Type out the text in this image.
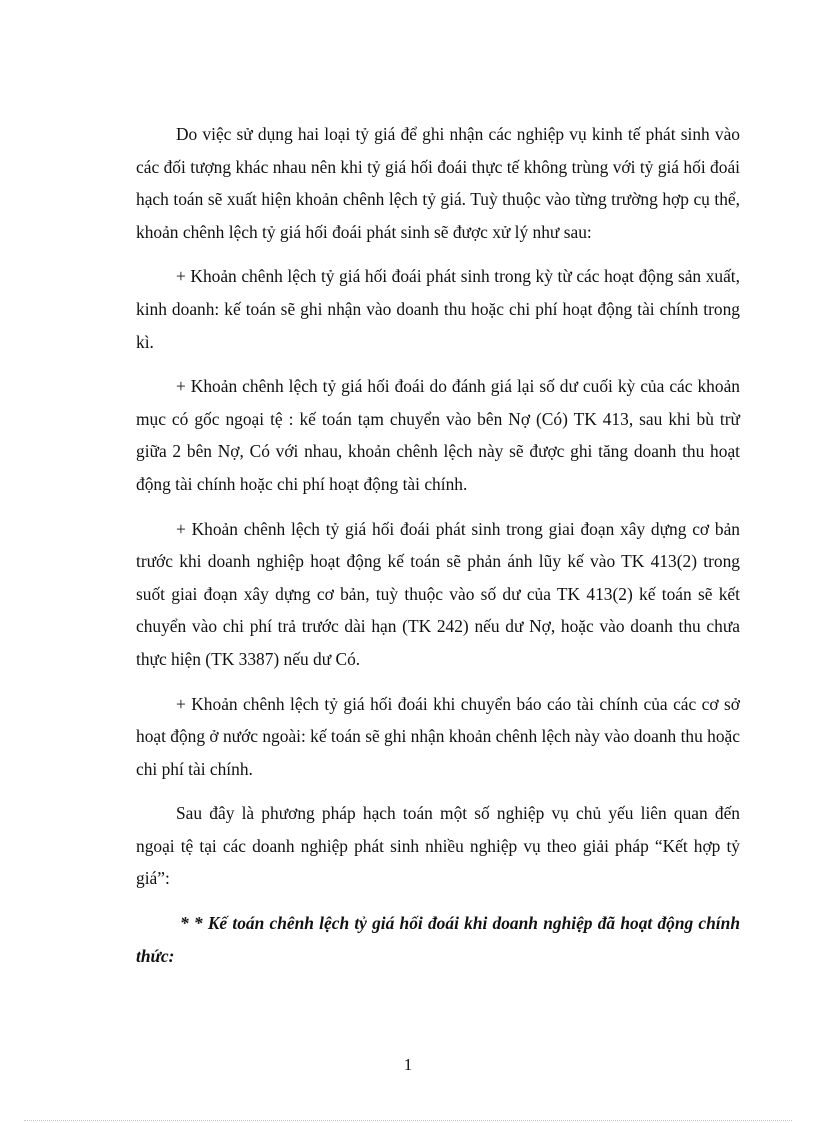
Do việc sử dụng hai loại tỷ giá để ghi nhận các nghiệp vụ kinh tế phát sinh vào các đối tượng khác nhau nên khi tỷ giá hối đoái thực tế không trùng với tỷ giá hối đoái hạch toán sẽ xuất hiện khoản chênh lệch tỷ giá. Tuỳ thuộc vào từng trường hợp cụ thể, khoản chênh lệch tỷ giá hối đoái phát sinh sẽ được xử lý như sau:

+ Khoản chênh lệch tỷ giá hối đoái phát sinh trong kỳ từ các hoạt động sản xuất, kinh doanh: kế toán sẽ ghi nhận vào doanh thu hoặc chi phí hoạt động tài chính trong kì.

+ Khoản chênh lệch tỷ giá hối đoái do đánh giá lại số dư cuối kỳ của các khoản mục có gốc ngoại tệ : kế toán tạm chuyển vào bên Nợ (Có) TK 413, sau khi bù trừ giữa 2 bên Nợ, Có với nhau, khoản chênh lệch này sẽ được ghi tăng doanh thu hoạt động tài chính hoặc chi phí hoạt động tài chính.

+ Khoản chênh lệch tỷ giá hối đoái phát sinh trong giai đoạn xây dựng cơ bản trước khi doanh nghiệp hoạt động kế toán sẽ phản ánh lũy kế vào TK 413(2) trong suốt giai đoạn xây dựng cơ bản, tuỳ thuộc vào số dư của TK 413(2) kế toán sẽ kết chuyển vào chi phí trả trước dài hạn (TK 242) nếu dư Nợ, hoặc vào doanh thu chưa thực hiện (TK 3387) nếu dư Có.

+ Khoản chênh lệch tỷ giá hối đoái khi chuyển báo cáo tài chính của các cơ sở hoạt động ở nước ngoài: kế toán sẽ ghi nhận khoản chênh lệch này vào doanh thu hoặc chi phí tài chính.

Sau đây là phương pháp hạch toán một số nghiệp vụ chủ yếu liên quan đến ngoại tệ tại các doanh nghiệp phát sinh nhiều nghiệp vụ theo giải pháp “Kết hợp tỷ giá”:

* * Kế toán chênh lệch tỷ giá hối đoái khi doanh nghiệp đã hoạt động chính thức:

1
